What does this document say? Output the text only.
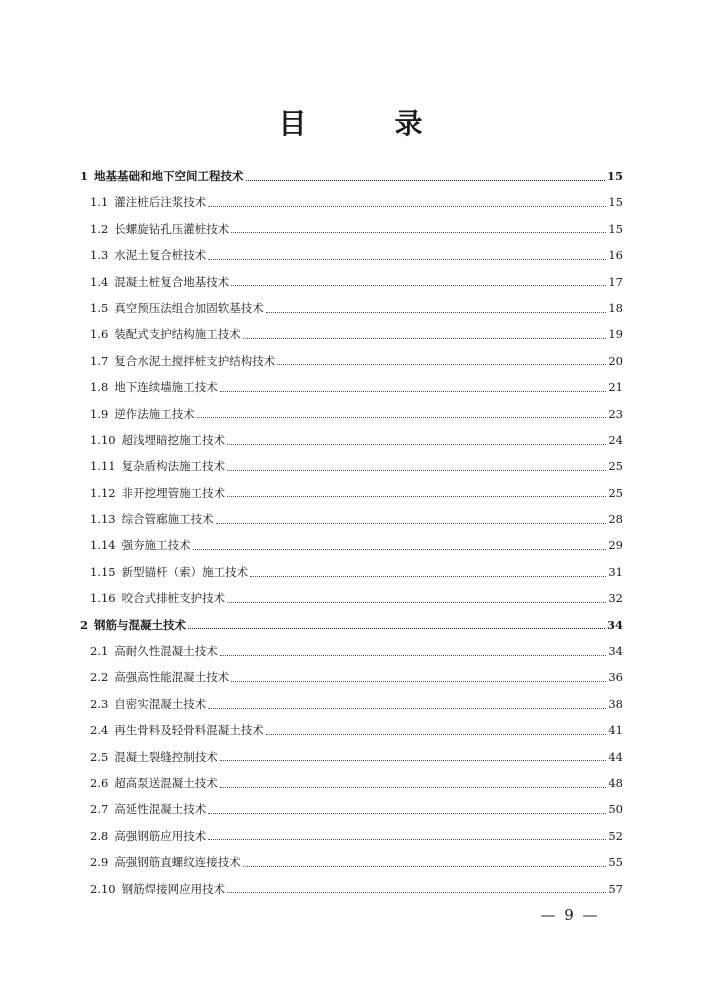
目　录
1 地基基础和地下空间工程技术	15
1.1 灌注桩后注浆技术	15
1.2 长螺旋钻孔压灌桩技术	15
1.3 水泥土复合桩技术	16
1.4 混凝土桩复合地基技术	17
1.5 真空预压法组合加固软基技术	18
1.6 装配式支护结构施工技术	19
1.7 复合水泥土搅拌桩支护结构技术	20
1.8 地下连续墙施工技术	21
1.9 逆作法施工技术	23
1.10 超浅埋暗挖施工技术	24
1.11 复杂盾构法施工技术	25
1.12 非开挖埋管施工技术	25
1.13 综合管廊施工技术	28
1.14 强夯施工技术	29
1.15 新型锚杆（索）施工技术	31
1.16 咬合式排桩支护技术	32
2 钢筋与混凝土技术	34
2.1 高耐久性混凝土技术	34
2.2 高强高性能混凝土技术	36
2.3 自密实混凝土技术	38
2.4 再生骨料及轻骨料混凝土技术	41
2.5 混凝土裂缝控制技术	44
2.6 超高泵送混凝土技术	48
2.7 高延性混凝土技术	50
2.8 高强钢筋应用技术	52
2.9 高强钢筋直螺纹连接技术	55
2.10 钢筋焊接网应用技术	57
— 9 —
